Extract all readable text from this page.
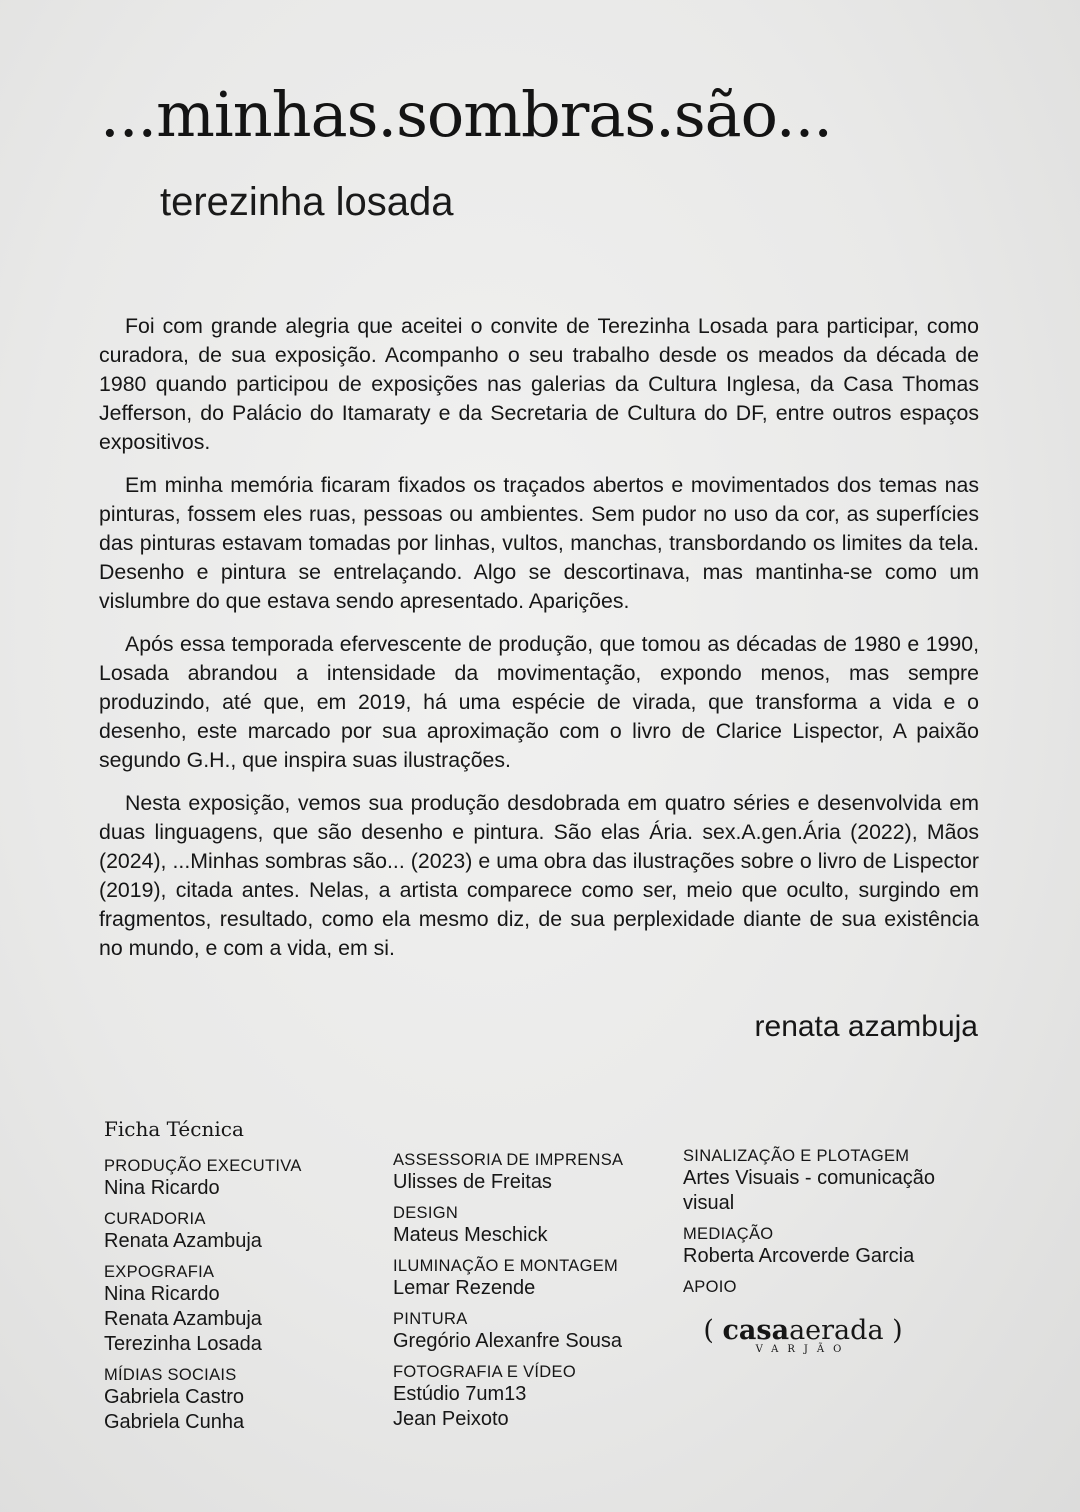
...minhas.sombras.são...
terezinha losada

Foi com grande alegria que aceitei o convite de Terezinha Losada para participar, como curadora, de sua exposição. Acompanho o seu trabalho desde os meados da década de 1980 quando participou de exposições nas galerias da Cultura Inglesa, da Casa Thomas Jefferson, do Palácio do Itamaraty e da Secretaria de Cultura do DF, entre outros espaços expositivos.

Em minha memória ficaram fixados os traçados abertos e movimentados dos temas nas pinturas, fossem eles ruas, pessoas ou ambientes. Sem pudor no uso da cor, as superfícies das pinturas estavam tomadas por linhas, vultos, manchas, transbordando os limites da tela. Desenho e pintura se entrelaçando. Algo se descortinava, mas mantinha-se como um vislumbre do que estava sendo apresentado. Aparições.

Após essa temporada efervescente de produção, que tomou as décadas de 1980 e 1990, Losada abrandou a intensidade da movimentação, expondo menos, mas sempre produzindo, até que, em 2019, há uma espécie de virada, que transforma a vida e o desenho, este marcado por sua aproximação com o livro de Clarice Lispector, A paixão segundo G.H., que inspira suas ilustrações.

Nesta exposição, vemos sua produção desdobrada em quatro séries e desenvolvida em duas linguagens, que são desenho e pintura. São elas Ária. sex.A.gen.Ária (2022), Mãos (2024), ...Minhas sombras são... (2023) e uma obra das ilustrações sobre o livro de Lispector (2019), citada antes. Nelas, a artista comparece como ser, meio que oculto, surgindo em fragmentos, resultado, como ela mesmo diz, de sua perplexidade diante de sua existência no mundo, e com a vida, em si.

renata azambuja
Ficha Técnica
PRODUÇÃO EXECUTIVA
Nina Ricardo
CURADORIA
Renata Azambuja
EXPOGRAFIA
Nina Ricardo
Renata Azambuja
Terezinha Losada
MÍDIAS SOCIAIS
Gabriela Castro
Gabriela Cunha
ASSESSORIA DE IMPRENSA
Ulisses de Freitas
DESIGN
Mateus Meschick
ILUMINAÇÃO E MONTAGEM
Lemar Rezende
PINTURA
Gregório Alexanfre Sousa
FOTOGRAFIA E VÍDEO
Estúdio 7um13
Jean Peixoto
SINALIZAÇÃO E PLOTAGEM
Artes Visuais - comunicação visual
MEDIAÇÃO
Roberta Arcoverde Garcia
APOIO
( casaaerada )
VARJÃO
